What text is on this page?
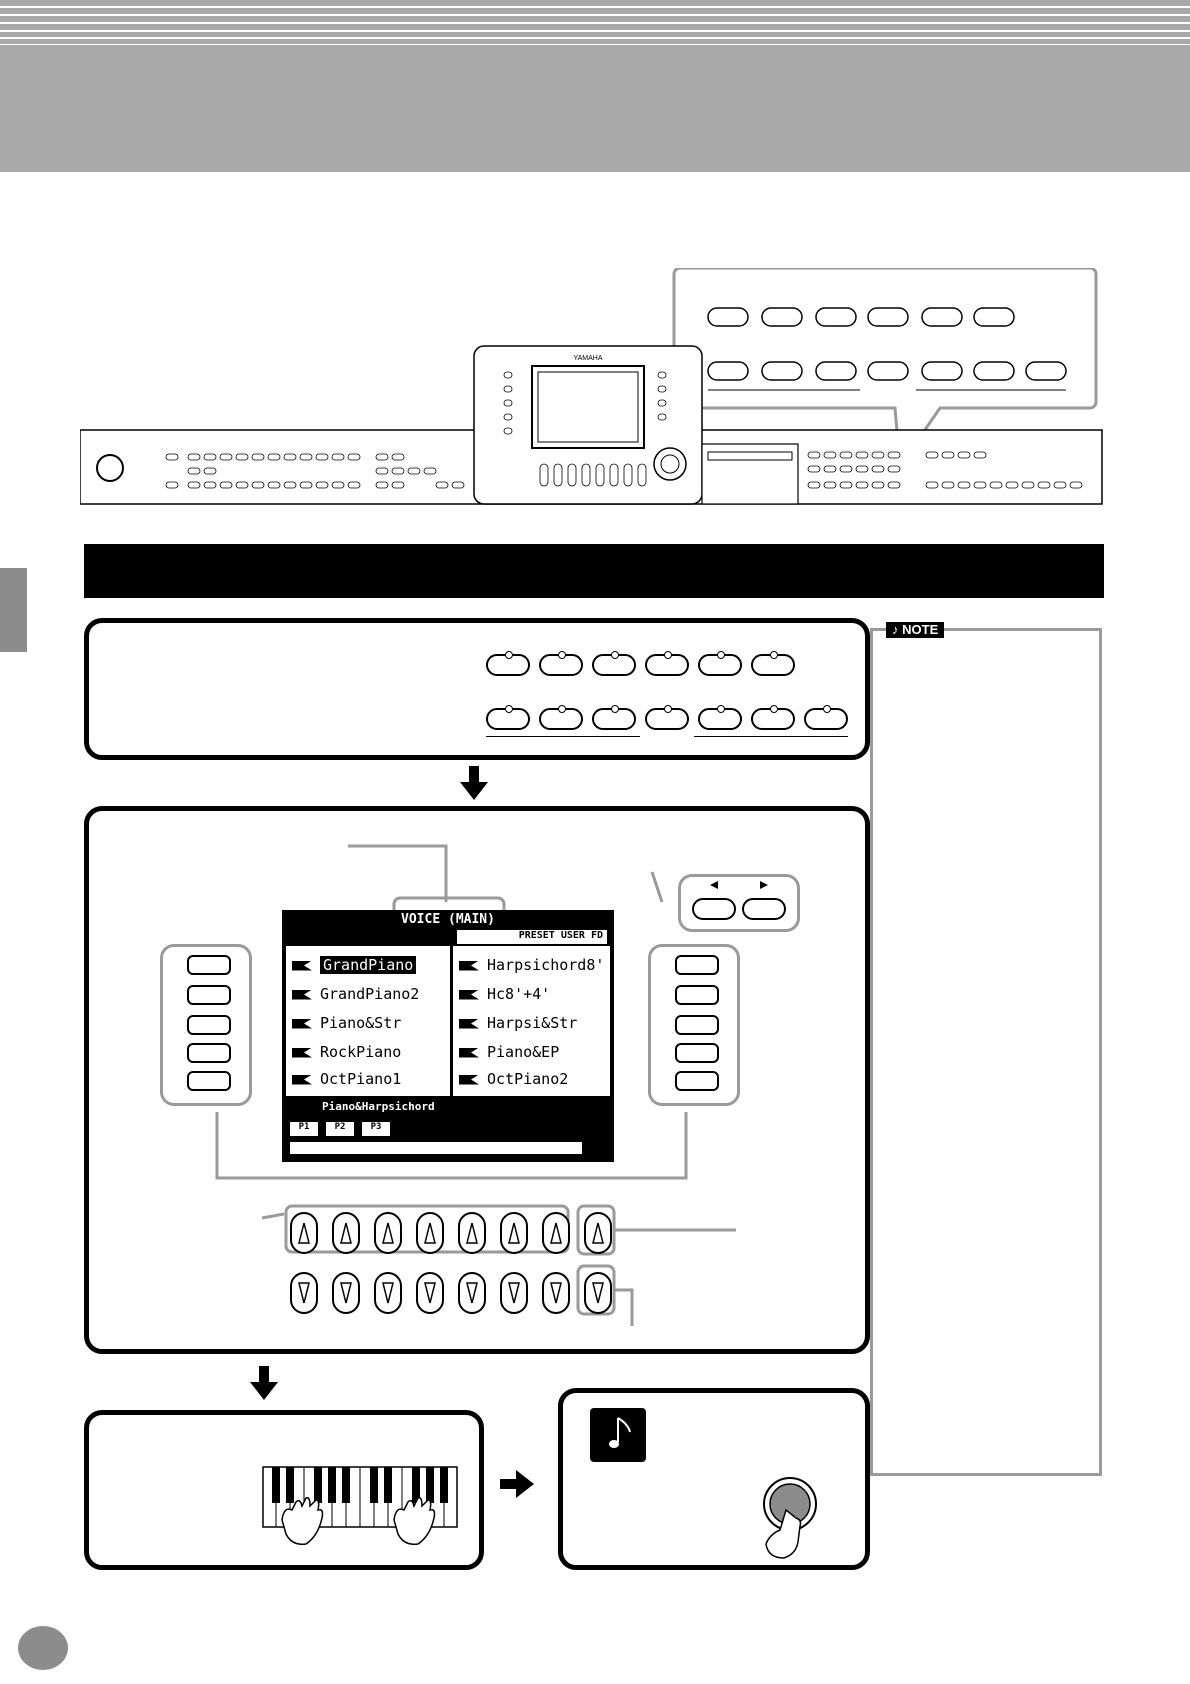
YAMAHA
VOICE (MAIN)
PRESET USER FD
GrandPiano
GrandPiano2
Piano&Str
RockPiano
OctPiano1
Harpsichord8'
Hc8'+4'
Harpsi&Str
Piano&EP
OctPiano2
Piano&Harpsichord
P1	P2	P3
♪ NOTE
